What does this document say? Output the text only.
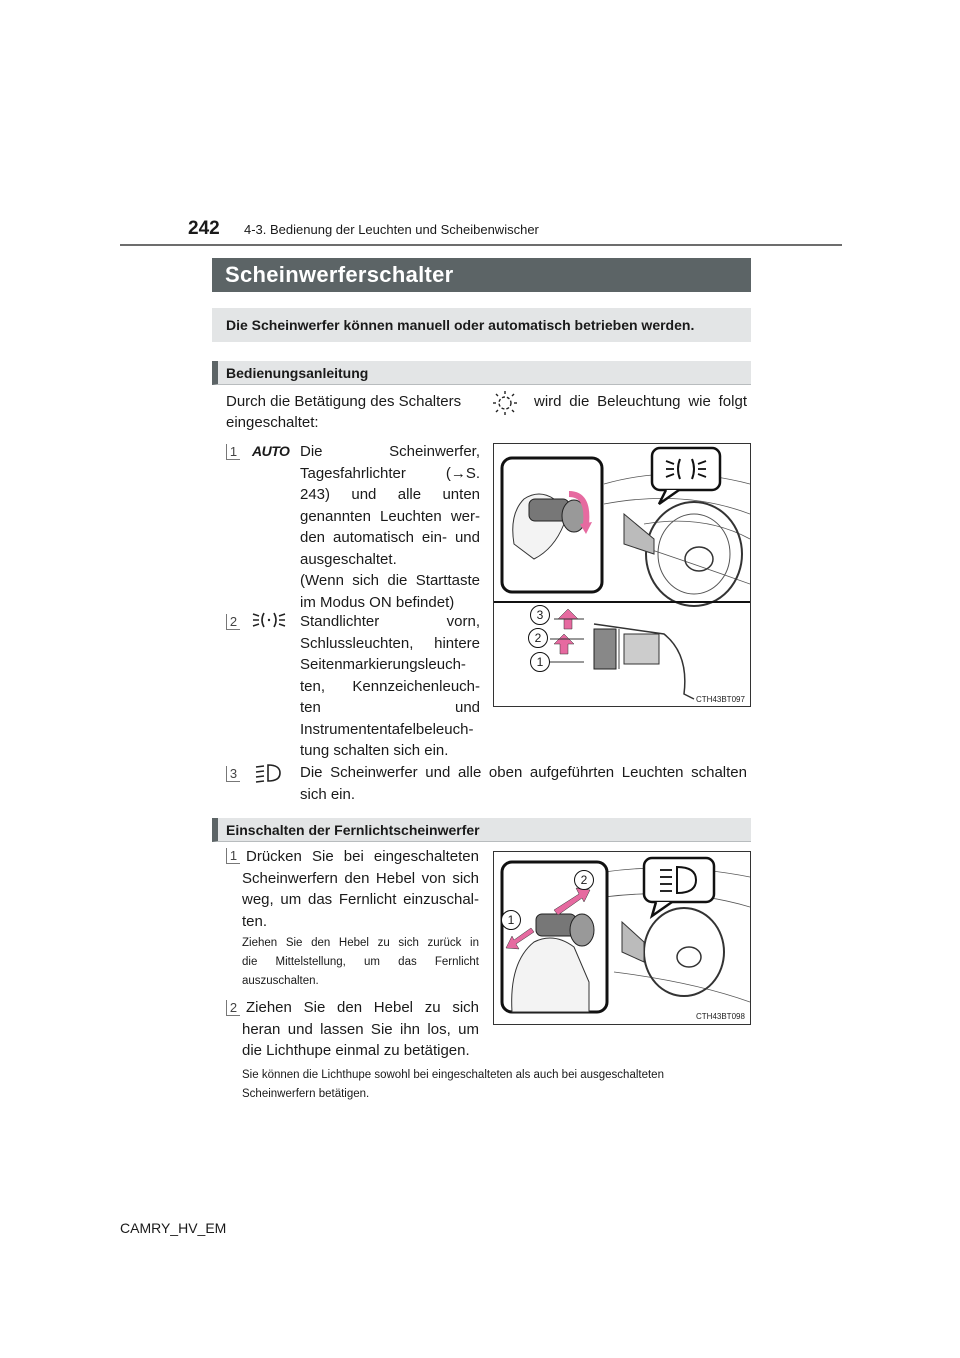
242 4-3. Bedienung der Leuchten und Scheibenwischer
Scheinwerferschalter
Die Scheinwerfer können manuell oder automatisch betrieben werden.
Bedienungsanleitung
Durch die Betätigung des Schalters	wird die Beleuchtung wie folgt
eingeschaltet:
1 AUTO Die Scheinwerfer,
Tagesfahrlichter (→S.
243) und alle unten
genannten Leuchten wer-
den automatisch ein- und
ausgeschaltet.
(Wenn sich die Starttaste
im Modus ON befindet)
2	Standlichter vorn,
Schlussleuchten, hintere
Seitenmarkierungsleuch-
ten, Kennzeichenleuch-
ten und
Instrumententafelbeleuch-
tung schalten sich ein.
3
2
1
CTH43BT097
3	Die Scheinwerfer und alle oben aufgeführten Leuchten schalten
sich ein.
Einschalten der Fernlichtscheinwerfer
1 Drücken Sie bei eingeschalteten
Scheinwerfern den Hebel von sich
weg, um das Fernlicht einzuschal-
ten.
Ziehen Sie den Hebel zu sich zurück in
die Mittelstellung, um das Fernlicht
auszuschalten.
2 Ziehen Sie den Hebel zu sich
heran und lassen Sie ihn los, um
die Lichthupe einmal zu betätigen.
2
1
CTH43BT098
Sie können die Lichthupe sowohl bei eingeschalteten als auch bei ausgeschalteten
Scheinwerfern betätigen.
CAMRY_HV_EM
